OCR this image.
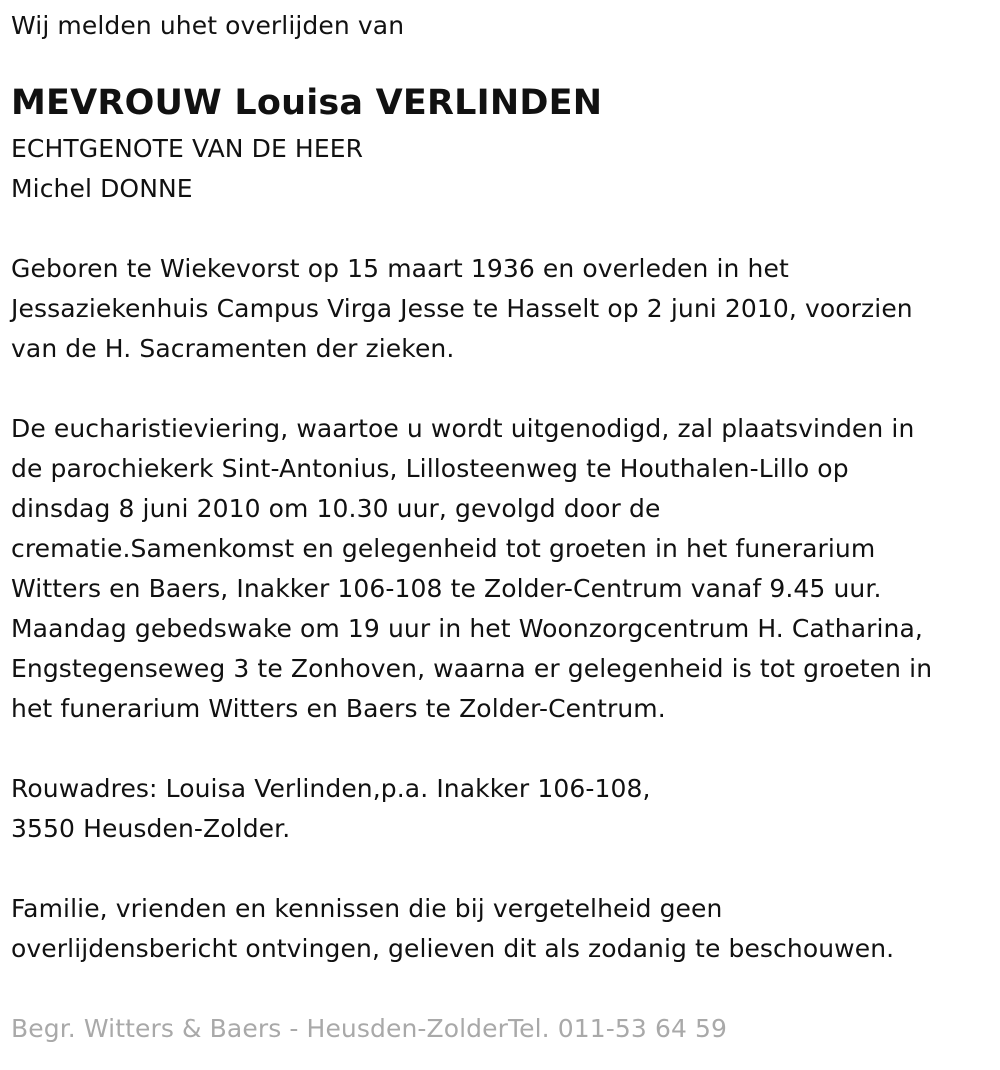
Wij melden uhet overlijden van
MEVROUW Louisa VERLINDEN
ECHTGENOTE VAN DE HEER
Michel DONNE
Geboren te Wiekevorst op 15 maart 1936 en overleden in het
Jessaziekenhuis Campus Virga Jesse te Hasselt op 2 juni 2010, voorzien
van de H. Sacramenten der zieken.
De eucharistieviering, waartoe u wordt uitgenodigd, zal plaatsvinden in
de parochiekerk Sint-Antonius, Lillosteenweg te Houthalen-Lillo op
dinsdag 8 juni 2010 om 10.30 uur, gevolgd door de
crematie.Samenkomst en gelegenheid tot groeten in het funerarium
Witters en Baers, Inakker 106-108 te Zolder-Centrum vanaf 9.45 uur.
Maandag gebedswake om 19 uur in het Woonzorgcentrum H. Catharina,
Engstegenseweg 3 te Zonhoven, waarna er gelegenheid is tot groeten in
het funerarium Witters en Baers te Zolder-Centrum.
Rouwadres: Louisa Verlinden,p.a. Inakker 106-108,
3550 Heusden-Zolder.
Familie, vrienden en kennissen die bij vergetelheid geen
overlijdensbericht ontvingen, gelieven dit als zodanig te beschouwen.
Begr. Witters & Baers - Heusden-ZolderTel. 011-53 64 59
